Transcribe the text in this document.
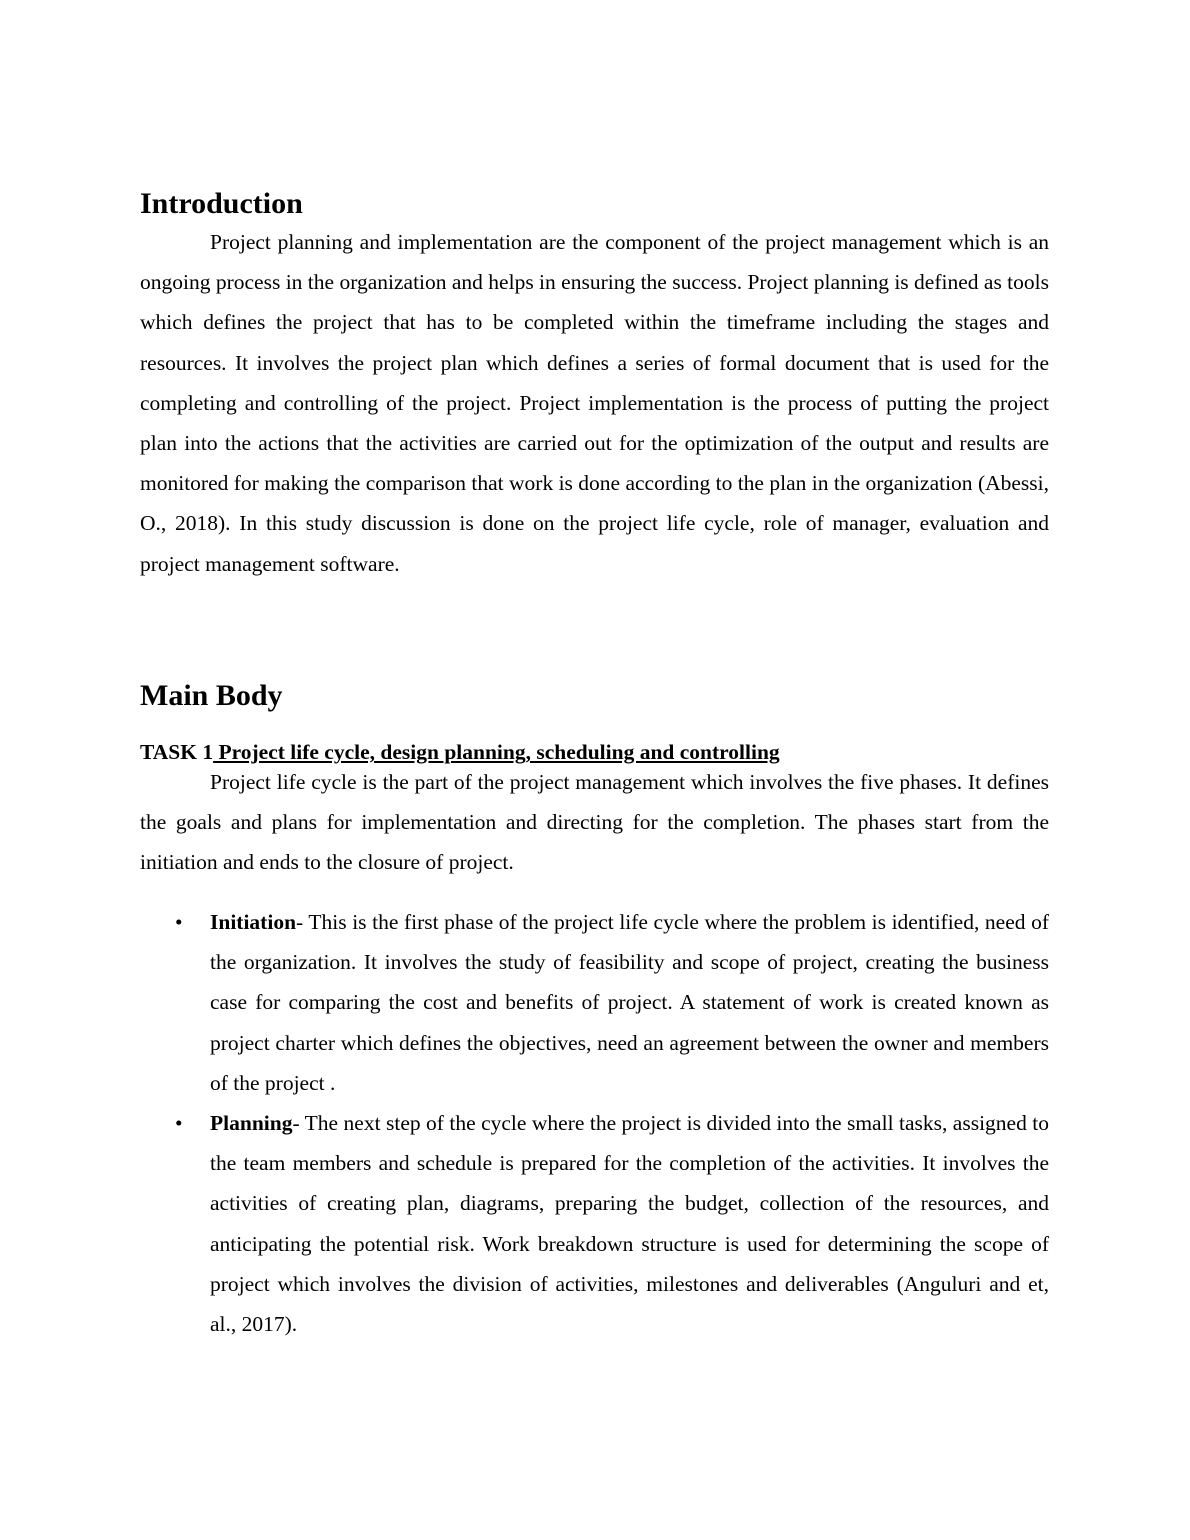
Introduction

Project planning and implementation are the component of the project management which is an ongoing process in the organization and helps in ensuring the success. Project planning is defined as tools which defines the project that has to be completed within the timeframe including the stages and resources. It involves the project plan which defines a series of formal document that is used for the completing and controlling of the project. Project implementation is the process of putting the project plan into the actions that the activities are carried out for the optimization of the output and results are monitored for making the comparison that work is done according to the plan in the organization (Abessi, O., 2018). In this study discussion is done on the project life cycle, role of manager, evaluation and project management software.

Main Body

TASK 1 Project life cycle, design planning, scheduling and controlling

Project life cycle is the part of the project management which involves the five phases. It defines the goals and plans for implementation and directing for the completion. The phases start from the initiation and ends to the closure of project.

• Initiation- This is the first phase of the project life cycle where the problem is identified, need of the organization. It involves the study of feasibility and scope of project, creating the business case for comparing the cost and benefits of project. A statement of work is created known as project charter which defines the objectives, need an agreement between the owner and members of the project .
• Planning- The next step of the cycle where the project is divided into the small tasks, assigned to the team members and schedule is prepared for the completion of the activities. It involves the activities of creating plan, diagrams, preparing the budget, collection of the resources, and anticipating the potential risk. Work breakdown structure is used for determining the scope of project which involves the division of activities, milestones and deliverables (Anguluri and et, al., 2017).
